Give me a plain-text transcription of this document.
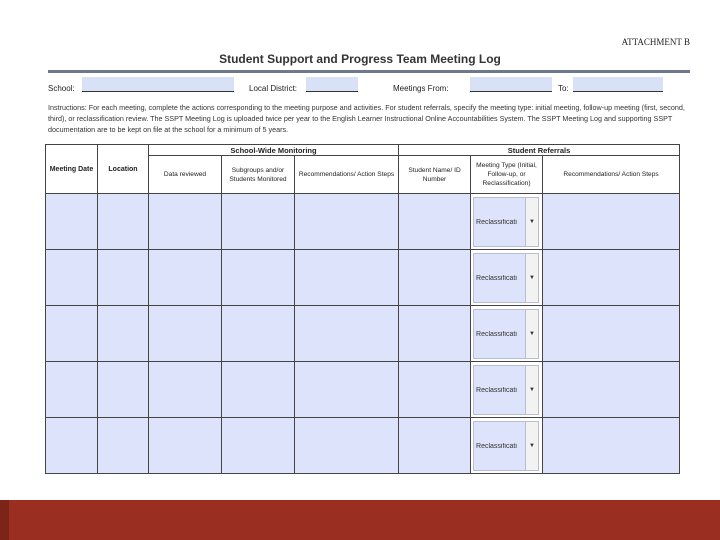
ATTACHMENT B
Student Support and Progress Team Meeting Log
School:	Local District:	Meetings From:	To:
Instructions: For each meeting, complete the actions corresponding to the meeting purpose and activities. For student referrals, specify the meeting type: initial meeting, follow-up meeting (first, second, third), or reclassification review. The SSPT Meeting Log is uploaded twice per year to the English Learner Instructional Online Accountabilities System. The SSPT Meeting Log and supporting SSPT documentation are to be kept on file at the school for a minimum of 5 years.
Meeting Date	Location	School-Wide Monitoring			Student Referrals		
		Data reviewed	Subgroups and/or Students Monitored	Recommendations/ Action Steps	Student Name/ ID Number	Meeting Type (Initial, Follow-up, or Reclassification)	Recommendations/ Action Steps

						Reclassificati ▼	

						Reclassificati ▼	

						Reclassificati ▼	

						Reclassificati ▼	

						Reclassificati ▼	
